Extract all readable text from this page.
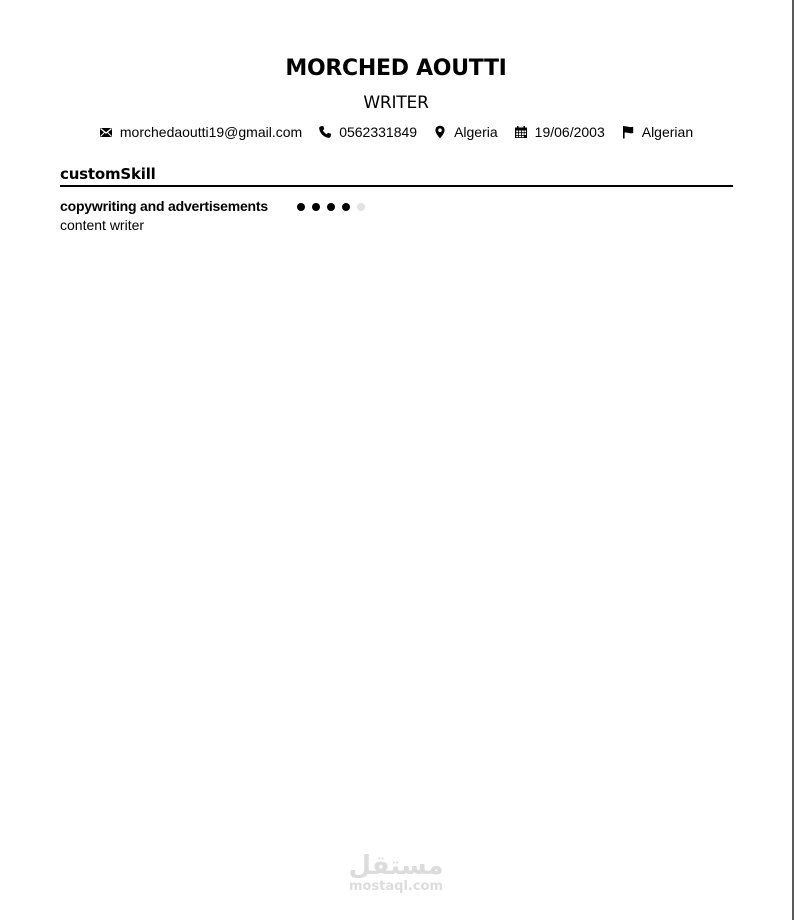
MORCHED AOUTTI
WRITER
morchedaoutti19@gmail.com	0562331849	Algeria	19/06/2003	Algerian
customSkill
copywriting and advertisements
content writer
مستقل
mostaql.com
